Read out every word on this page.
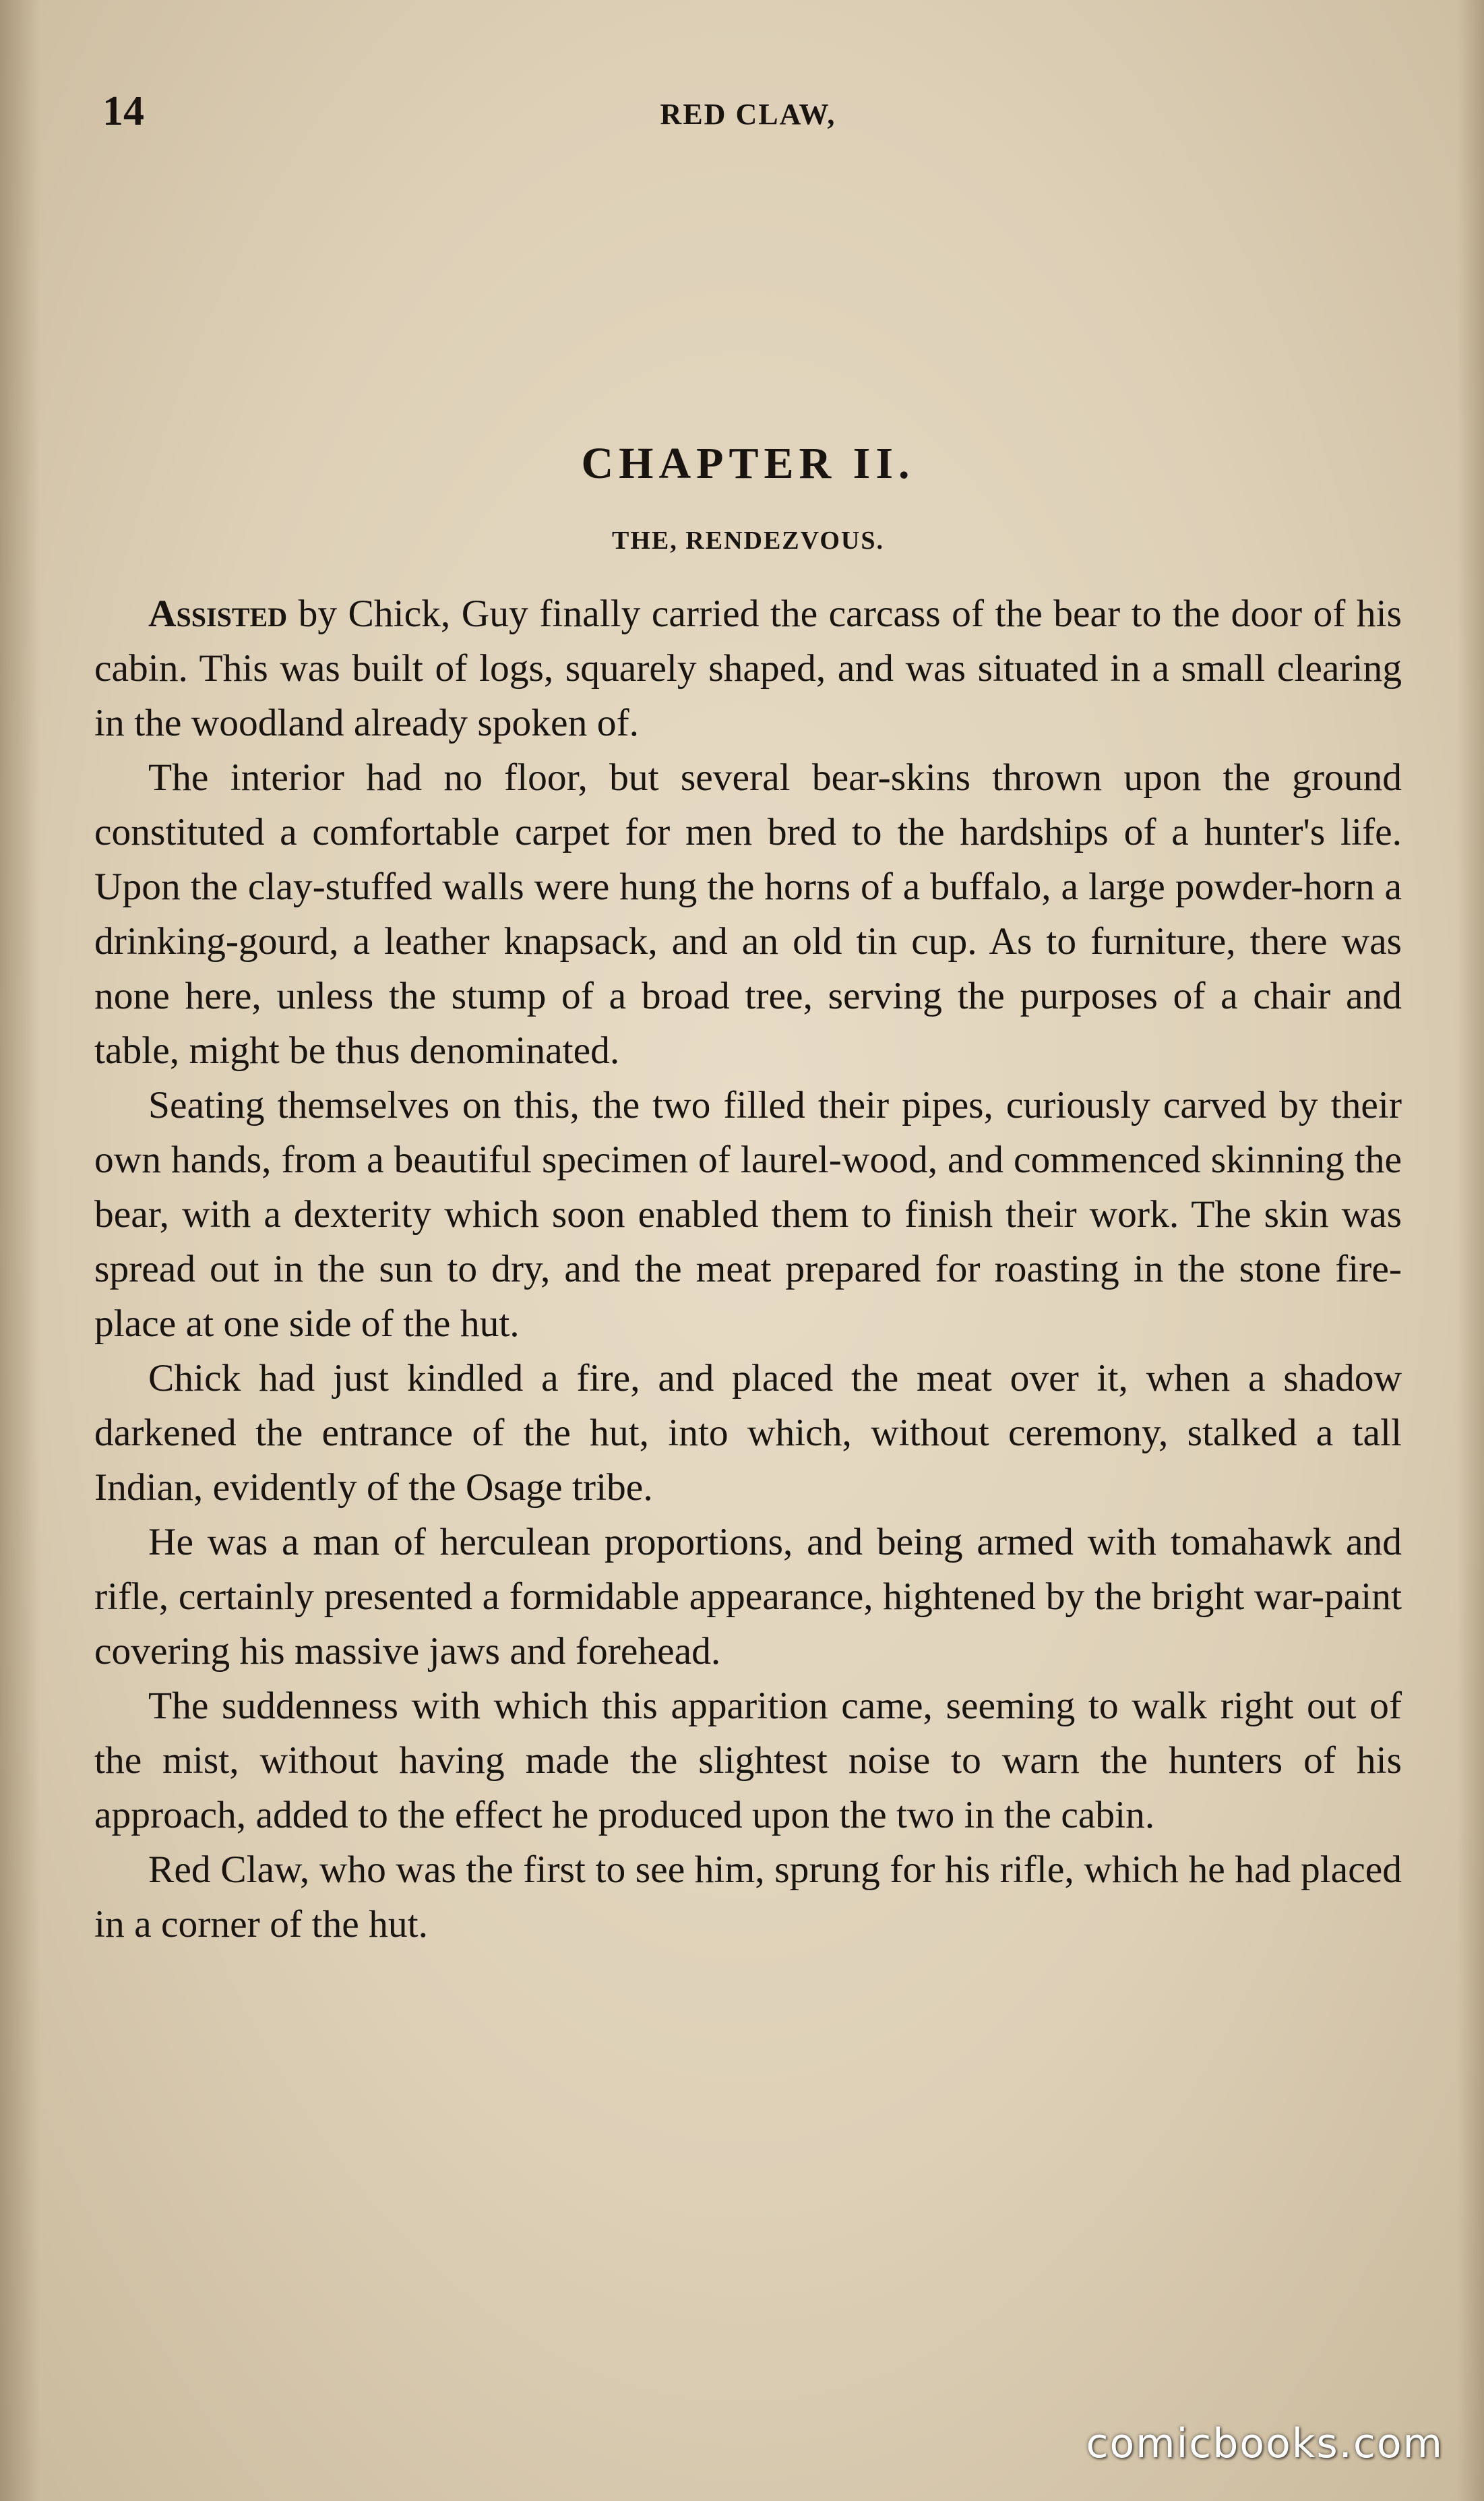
14	RED CLAW,
CHAPTER II.
THE, RENDEZVOUS.

Assisted by Chick, Guy finally carried the carcass of the bear to the door of his cabin. This was built of logs, squarely shaped, and was situated in a small clearing in the woodland already spoken of.

The interior had no floor, but several bear-skins thrown upon the ground constituted a comfortable carpet for men bred to the hardships of a hunter's life. Upon the clay-stuffed walls were hung the horns of a buffalo, a large powder-horn a drinking-gourd, a leather knapsack, and an old tin cup. As to furniture, there was none here, unless the stump of a broad tree, serving the purposes of a chair and table, might be thus denominated.

Seating themselves on this, the two filled their pipes, curiously carved by their own hands, from a beautiful specimen of laurel-wood, and commenced skinning the bear, with a dexterity which soon enabled them to finish their work. The skin was spread out in the sun to dry, and the meat prepared for roasting in the stone fire-place at one side of the hut.

Chick had just kindled a fire, and placed the meat over it, when a shadow darkened the entrance of the hut, into which, without ceremony, stalked a tall Indian, evidently of the Osage tribe.

He was a man of herculean proportions, and being armed with tomahawk and rifle, certainly presented a formidable appearance, hightened by the bright war-paint covering his massive jaws and forehead.

The suddenness with which this apparition came, seeming to walk right out of the mist, without having made the slightest noise to warn the hunters of his approach, added to the effect he produced upon the two in the cabin.

Red Claw, who was the first to see him, sprung for his rifle, which he had placed in a corner of the hut.

comicbooks.com
